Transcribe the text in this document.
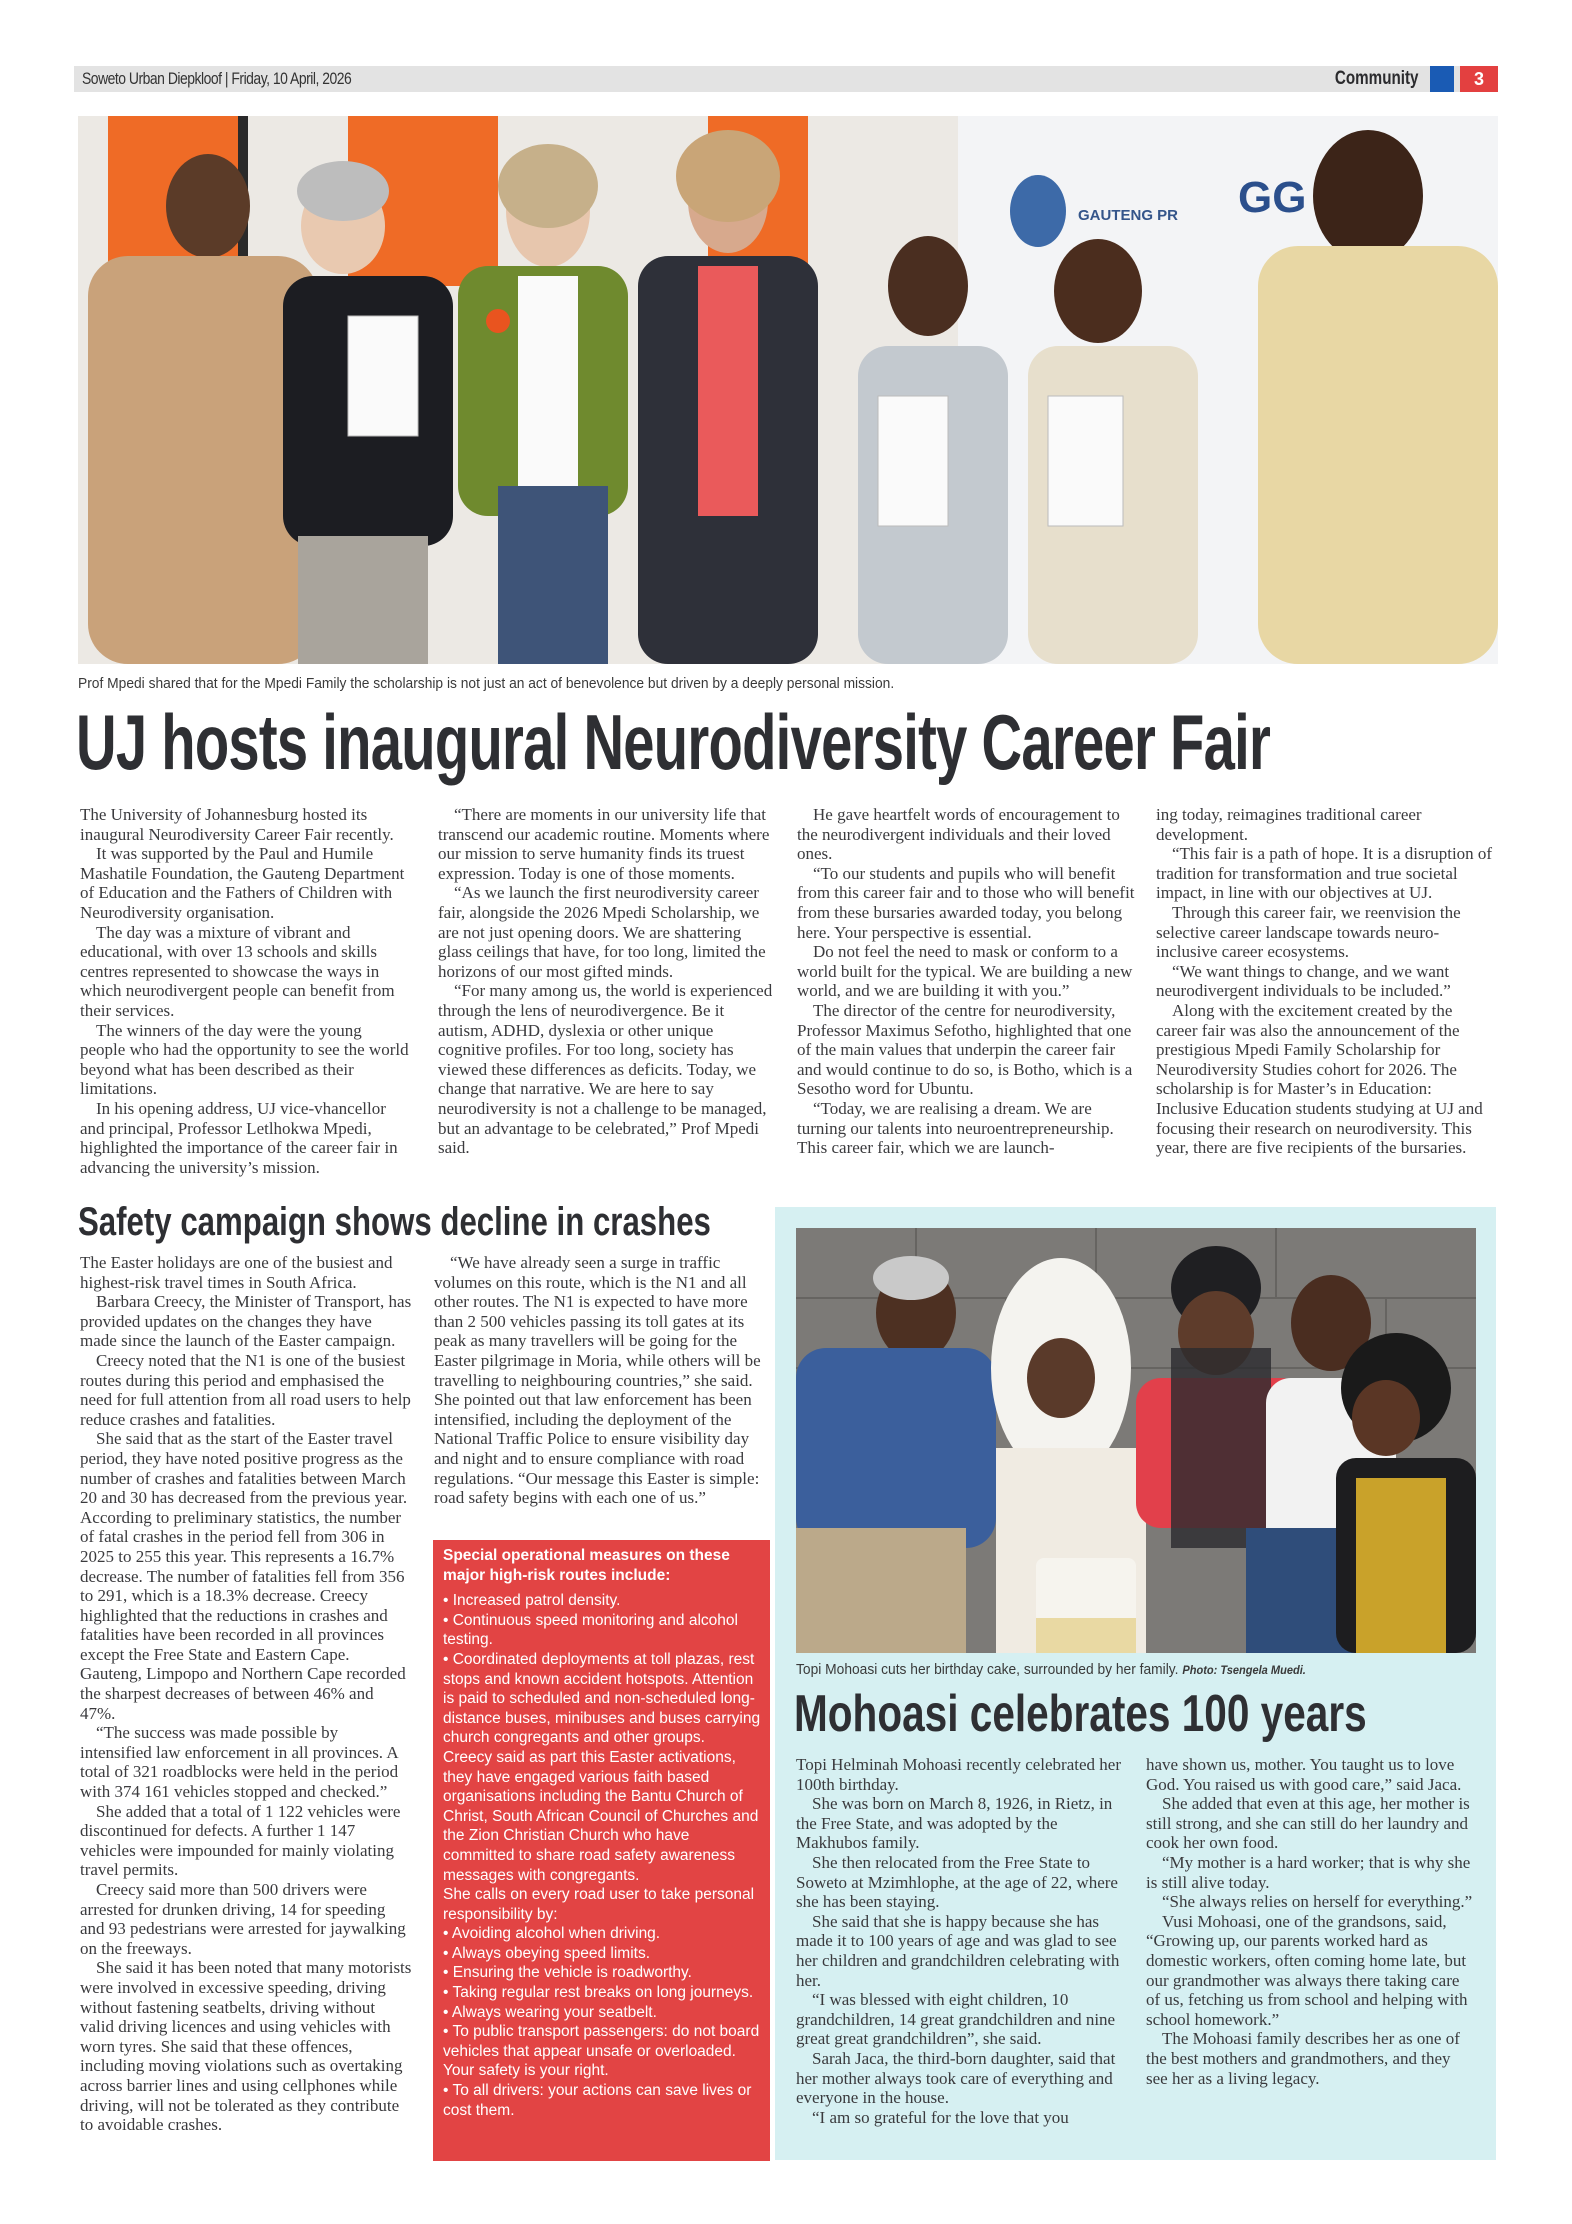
Soweto Urban Diepkloof | Friday, 10 April, 2026	Community	3
GAUTENG PR GG
Prof Mpedi shared that for the Mpedi Family the scholarship is not just an act of benevolence but driven by a deeply personal mission.
UJ hosts inaugural Neurodiversity Career Fair

The University of Johannesburg hosted its inaugural Neurodiversity Career Fair recently.

It was supported by the Paul and Humile Mashatile Foundation, the Gauteng Department of Education and the Fathers of Children with Neurodiversity organisation.

The day was a mixture of vibrant and educational, with over 13 schools and skills centres represented to showcase the ways in which neurodivergent people can benefit from their services.

The winners of the day were the young people who had the opportunity to see the world beyond what has been described as their limitations.

In his opening address, UJ vice-vhancellor and principal, Professor Letlhokwa Mpedi, highlighted the importance of the career fair in advancing the university’s mission.

“There are moments in our university life that transcend our academic routine. Moments where our mission to serve humanity finds its truest expression. Today is one of those moments.

“As we launch the first neurodiversity career fair, alongside the 2026 Mpedi Scholarship, we are not just opening doors. We are shattering glass ceilings that have, for too long, limited the horizons of our most gifted minds.

“For many among us, the world is experienced through the lens of neurodivergence. Be it autism, ADHD, dyslexia or other unique cognitive profiles. For too long, society has viewed these differences as deficits. Today, we change that narrative. We are here to say neurodiversity is not a challenge to be managed, but an advantage to be celebrated,” Prof Mpedi said.

He gave heartfelt words of encouragement to the neurodivergent individuals and their loved ones.

“To our students and pupils who will benefit from this career fair and to those who will benefit from these bursaries awarded today, you belong here. Your perspective is essential.

Do not feel the need to mask or conform to a world built for the typical. We are building a new world, and we are building it with you.”

The director of the centre for neurodiversity, Professor Maximus Sefotho, highlighted that one of the main values that underpin the career fair and would continue to do so, is Botho, which is a Sesotho word for Ubuntu.

“Today, we are realising a dream. We are turning our talents into neuroentrepreneurship. This career fair, which we are launch-

ing today, reimagines traditional career development.

“This fair is a path of hope. It is a disruption of tradition for transformation and true societal impact, in line with our objectives at UJ.

Through this career fair, we reenvision the selective career landscape towards neuro-inclusive career ecosystems.

“We want things to change, and we want neurodivergent individuals to be included.”

Along with the excitement created by the career fair was also the announcement of the prestigious Mpedi Family Scholarship for Neurodiversity Studies cohort for 2026. The scholarship is for Master’s in Education: Inclusive Education students studying at UJ and focusing their research on neurodiversity. This year, there are five recipients of the bursaries.

Safety campaign shows decline in crashes

The Easter holidays are one of the busiest and highest-risk travel times in South Africa.

Barbara Creecy, the Minister of Transport, has provided updates on the changes they have made since the launch of the Easter campaign.

Creecy noted that the N1 is one of the busiest routes during this period and emphasised the need for full attention from all road users to help reduce crashes and fatalities.

She said that as the start of the Easter travel period, they have noted positive progress as the number of crashes and fatalities between March 20 and 30 has decreased from the previous year. According to preliminary statistics, the number of fatal crashes in the period fell from 306 in 2025 to 255 this year. This represents a 16.7% decrease. The number of fatalities fell from 356 to 291, which is a 18.3% decrease. Creecy highlighted that the reductions in crashes and fatalities have been recorded in all provinces except the Free State and Eastern Cape. Gauteng, Limpopo and Northern Cape recorded the sharpest decreases of between 46% and 47%.

“The success was made possible by intensified law enforcement in all provinces. A total of 321 roadblocks were held in the period with 374 161 vehicles stopped and checked.”

She added that a total of 1 122 vehicles were discontinued for defects. A further 1 147 vehicles were impounded for mainly violating travel permits.

Creecy said more than 500 drivers were arrested for drunken driving, 14 for speeding and 93 pedestrians were arrested for jaywalking on the freeways.

She said it has been noted that many motorists were involved in excessive speeding, driving without fastening seatbelts, driving without valid driving licences and using vehicles with worn tyres. She said that these offences, including moving violations such as overtaking across barrier lines and using cellphones while driving, will not be tolerated as they contribute to avoidable crashes.

“We have already seen a surge in traffic volumes on this route, which is the N1 and all other routes. The N1 is expected to have more than 2 500 vehicles passing its toll gates at its peak as many travellers will be going for the Easter pilgrimage in Moria, while others will be travelling to neighbouring countries,” she said. She pointed out that law enforcement has been intensified, including the deployment of the National Traffic Police to ensure visibility day and night and to ensure compliance with road regulations. “Our message this Easter is simple: road safety begins with each one of us.”

Special operational measures on these major high-risk routes include:
• Increased patrol density.
• Continuous speed monitoring and alcohol testing.
• Coordinated deployments at toll plazas, rest stops and known accident hotspots. Attention is paid to scheduled and non-scheduled long-distance buses, minibuses and buses carrying church congregants and other groups.
Creecy said as part this Easter activations, they have engaged various faith based organisations including the Bantu Church of Christ, South African Council of Churches and the Zion Christian Church who have committed to share road safety awareness messages with congregants.
She calls on every road user to take personal responsibility by:
• Avoiding alcohol when driving.
• Always obeying speed limits.
• Ensuring the vehicle is roadworthy.
• Taking regular rest breaks on long journeys.
• Always wearing your seatbelt.
• To public transport passengers: do not board vehicles that appear unsafe or overloaded. Your safety is your right.
• To all drivers: your actions can save lives or cost them.
Topi Mohoasi cuts her birthday cake, surrounded by her family. Photo: Tsengela Muedi.
Mohoasi celebrates 100 years

Topi Helminah Mohoasi recently celebrated her 100th birthday.

She was born on March 8, 1926, in Rietz, in the Free State, and was adopted by the Makhubos family.

She then relocated from the Free State to Soweto at Mzimhlophe, at the age of 22, where she has been staying.

She said that she is happy because she has made it to 100 years of age and was glad to see her children and grandchildren celebrating with her.

“I was blessed with eight children, 10 grandchildren, 14 great grandchildren and nine great great grandchildren”, she said.

Sarah Jaca, the third-born daughter, said that her mother always took care of everything and everyone in the house.

“I am so grateful for the love that you

have shown us, mother. You taught us to love God. You raised us with good care,” said Jaca.

She added that even at this age, her mother is still strong, and she can still do her laundry and cook her own food.

“My mother is a hard worker; that is why she is still alive today.

“She always relies on herself for everything.”

Vusi Mohoasi, one of the grandsons, said, “Growing up, our parents worked hard as domestic workers, often coming home late, but our grandmother was always there taking care of us, fetching us from school and helping with school homework.”

The Mohoasi family describes her as one of the best mothers and grandmothers, and they see her as a living legacy.
